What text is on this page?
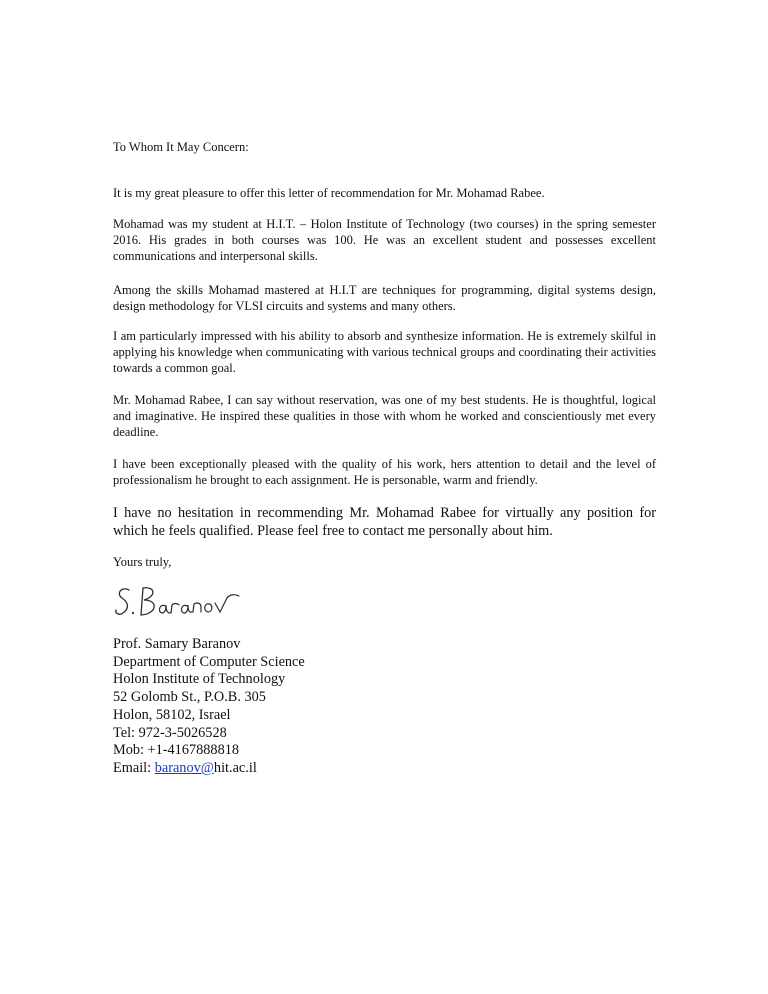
To Whom It May Concern:

It is my great pleasure to offer this letter of recommendation for Mr. Mohamad Rabee.

Mohamad was my student at H.I.T. – Holon Institute of Technology (two courses) in the spring semester 2016. His grades in both courses was 100. He was an excellent student and possesses excellent communications and interpersonal skills.

Among the skills Mohamad mastered at H.I.T are techniques for programming, digital systems design, design methodology for VLSI circuits and systems and many others.

I am particularly impressed with his ability to absorb and synthesize information. He is extremely skilful in applying his knowledge when communicating with various technical groups and coordinating their activities towards a common goal.

Mr. Mohamad Rabee, I can say without reservation, was one of my best students. He is thoughtful, logical and imaginative. He inspired these qualities in those with whom he worked and conscientiously met every deadline.

I have been exceptionally pleased with the quality of his work, hers attention to detail and the level of professionalism he brought to each assignment. He is personable, warm and friendly.

I have no hesitation in recommending Mr. Mohamad Rabee for virtually any position for which he feels qualified. Please feel free to contact me personally about him.

Yours truly,
Prof. Samary Baranov
Department of Computer Science
Holon Institute of Technology
52 Golomb St., P.O.B. 305
Holon, 58102, Israel
Tel: 972-3-5026528
Mob: +1-4167888818
Email: baranov@hit.ac.il
